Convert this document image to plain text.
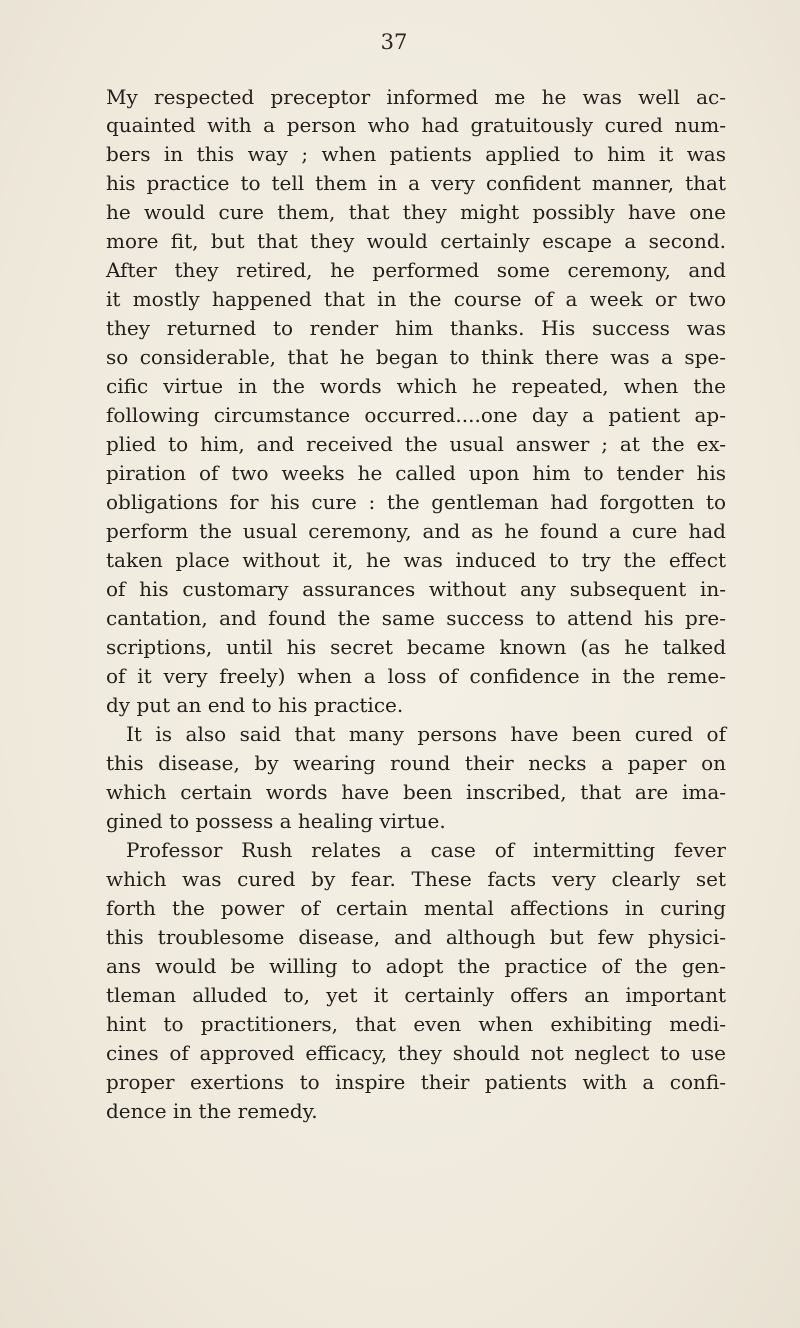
37
My respected preceptor informed me he was well ac-
quainted with a person who had gratuitously cured num-
bers in this way ; when patients applied to him it was
his practice to tell them in a very confident manner, that
he would cure them, that they might possibly have one
more fit, but that they would certainly escape a second.
After they retired, he performed some ceremony, and
it mostly happened that in the course of a week or two
they returned to render him thanks. His success was
so considerable, that he began to think there was a spe-
cific virtue in the words which he repeated, when the
following circumstance occurred....one day a patient ap-
plied to him, and received the usual answer ; at the ex-
piration of two weeks he called upon him to tender his
obligations for his cure : the gentleman had forgotten to
perform the usual ceremony, and as he found a cure had
taken place without it, he was induced to try the effect
of his customary assurances without any subsequent in-
cantation, and found the same success to attend his pre-
scriptions, until his secret became known (as he talked
of it very freely) when a loss of confidence in the reme-
dy put an end to his practice.
It is also said that many persons have been cured of
this disease, by wearing round their necks a paper on
which certain words have been inscribed, that are ima-
gined to possess a healing virtue.
Professor Rush relates a case of intermitting fever
which was cured by fear. These facts very clearly set
forth the power of certain mental affections in curing
this troublesome disease, and although but few physici-
ans would be willing to adopt the practice of the gen-
tleman alluded to, yet it certainly offers an important
hint to practitioners, that even when exhibiting medi-
cines of approved efficacy, they should not neglect to use
proper exertions to inspire their patients with a confi-
dence in the remedy.
